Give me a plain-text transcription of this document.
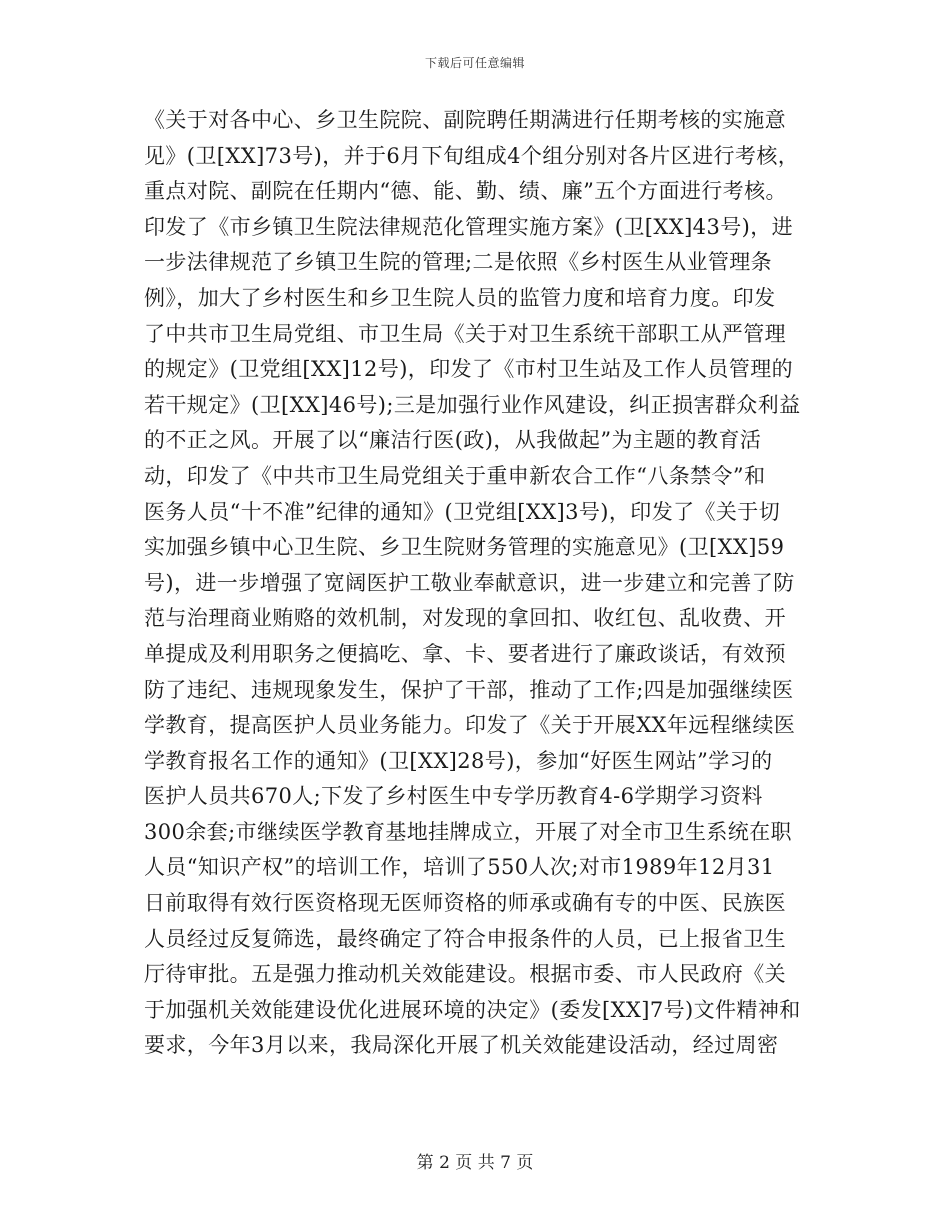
下载后可任意编辑
《关于对各中心、乡卫生院院、副院聘任期满进行任期考核的实施意
见》(卫[XX]73号)，并于6月下旬组成4个组分别对各片区进行考核，
重点对院、副院在任期内“德、能、勤、绩、廉”五个方面进行考核。
印发了《市乡镇卫生院法律规范化管理实施方案》(卫[XX]43号)，进
一步法律规范了乡镇卫生院的管理;二是依照《乡村医生从业管理条
例》，加大了乡村医生和乡卫生院人员的监管力度和培育力度。印发
了中共市卫生局党组、市卫生局《关于对卫生系统干部职工从严管理
的规定》(卫党组[XX]12号)，印发了《市村卫生站及工作人员管理的
若干规定》(卫[XX]46号);三是加强行业作风建设，纠正损害群众利益
的不正之风。开展了以“廉洁行医(政)，从我做起”为主题的教育活
动，印发了《中共市卫生局党组关于重申新农合工作“八条禁令”和
医务人员“十不准”纪律的通知》(卫党组[XX]3号)，印发了《关于切
实加强乡镇中心卫生院、乡卫生院财务管理的实施意见》(卫[XX]59
号)，进一步增强了宽阔医护工敬业奉献意识，进一步建立和完善了防
范与治理商业贿赂的效机制，对发现的拿回扣、收红包、乱收费、开
单提成及利用职务之便搞吃、拿、卡、要者进行了廉政谈话，有效预
防了违纪、违规现象发生，保护了干部，推动了工作;四是加强继续医
学教育，提高医护人员业务能力。印发了《关于开展XX年远程继续医
学教育报名工作的通知》(卫[XX]28号)，参加“好医生网站”学习的
医护人员共670人;下发了乡村医生中专学历教育4-6学期学习资料
300余套;市继续医学教育基地挂牌成立，开展了对全市卫生系统在职
人员“知识产权”的培训工作，培训了550人次;对市1989年12月31
日前取得有效行医资格现无医师资格的师承或确有专的中医、民族医
人员经过反复筛选，最终确定了符合申报条件的人员，已上报省卫生
厅待审批。五是强力推动机关效能建设。根据市委、市人民政府《关
于加强机关效能建设优化进展环境的决定》(委发[XX]7号)文件精神和
要求，今年3月以来，我局深化开展了机关效能建设活动，经过周密
第 2 页 共 7 页
